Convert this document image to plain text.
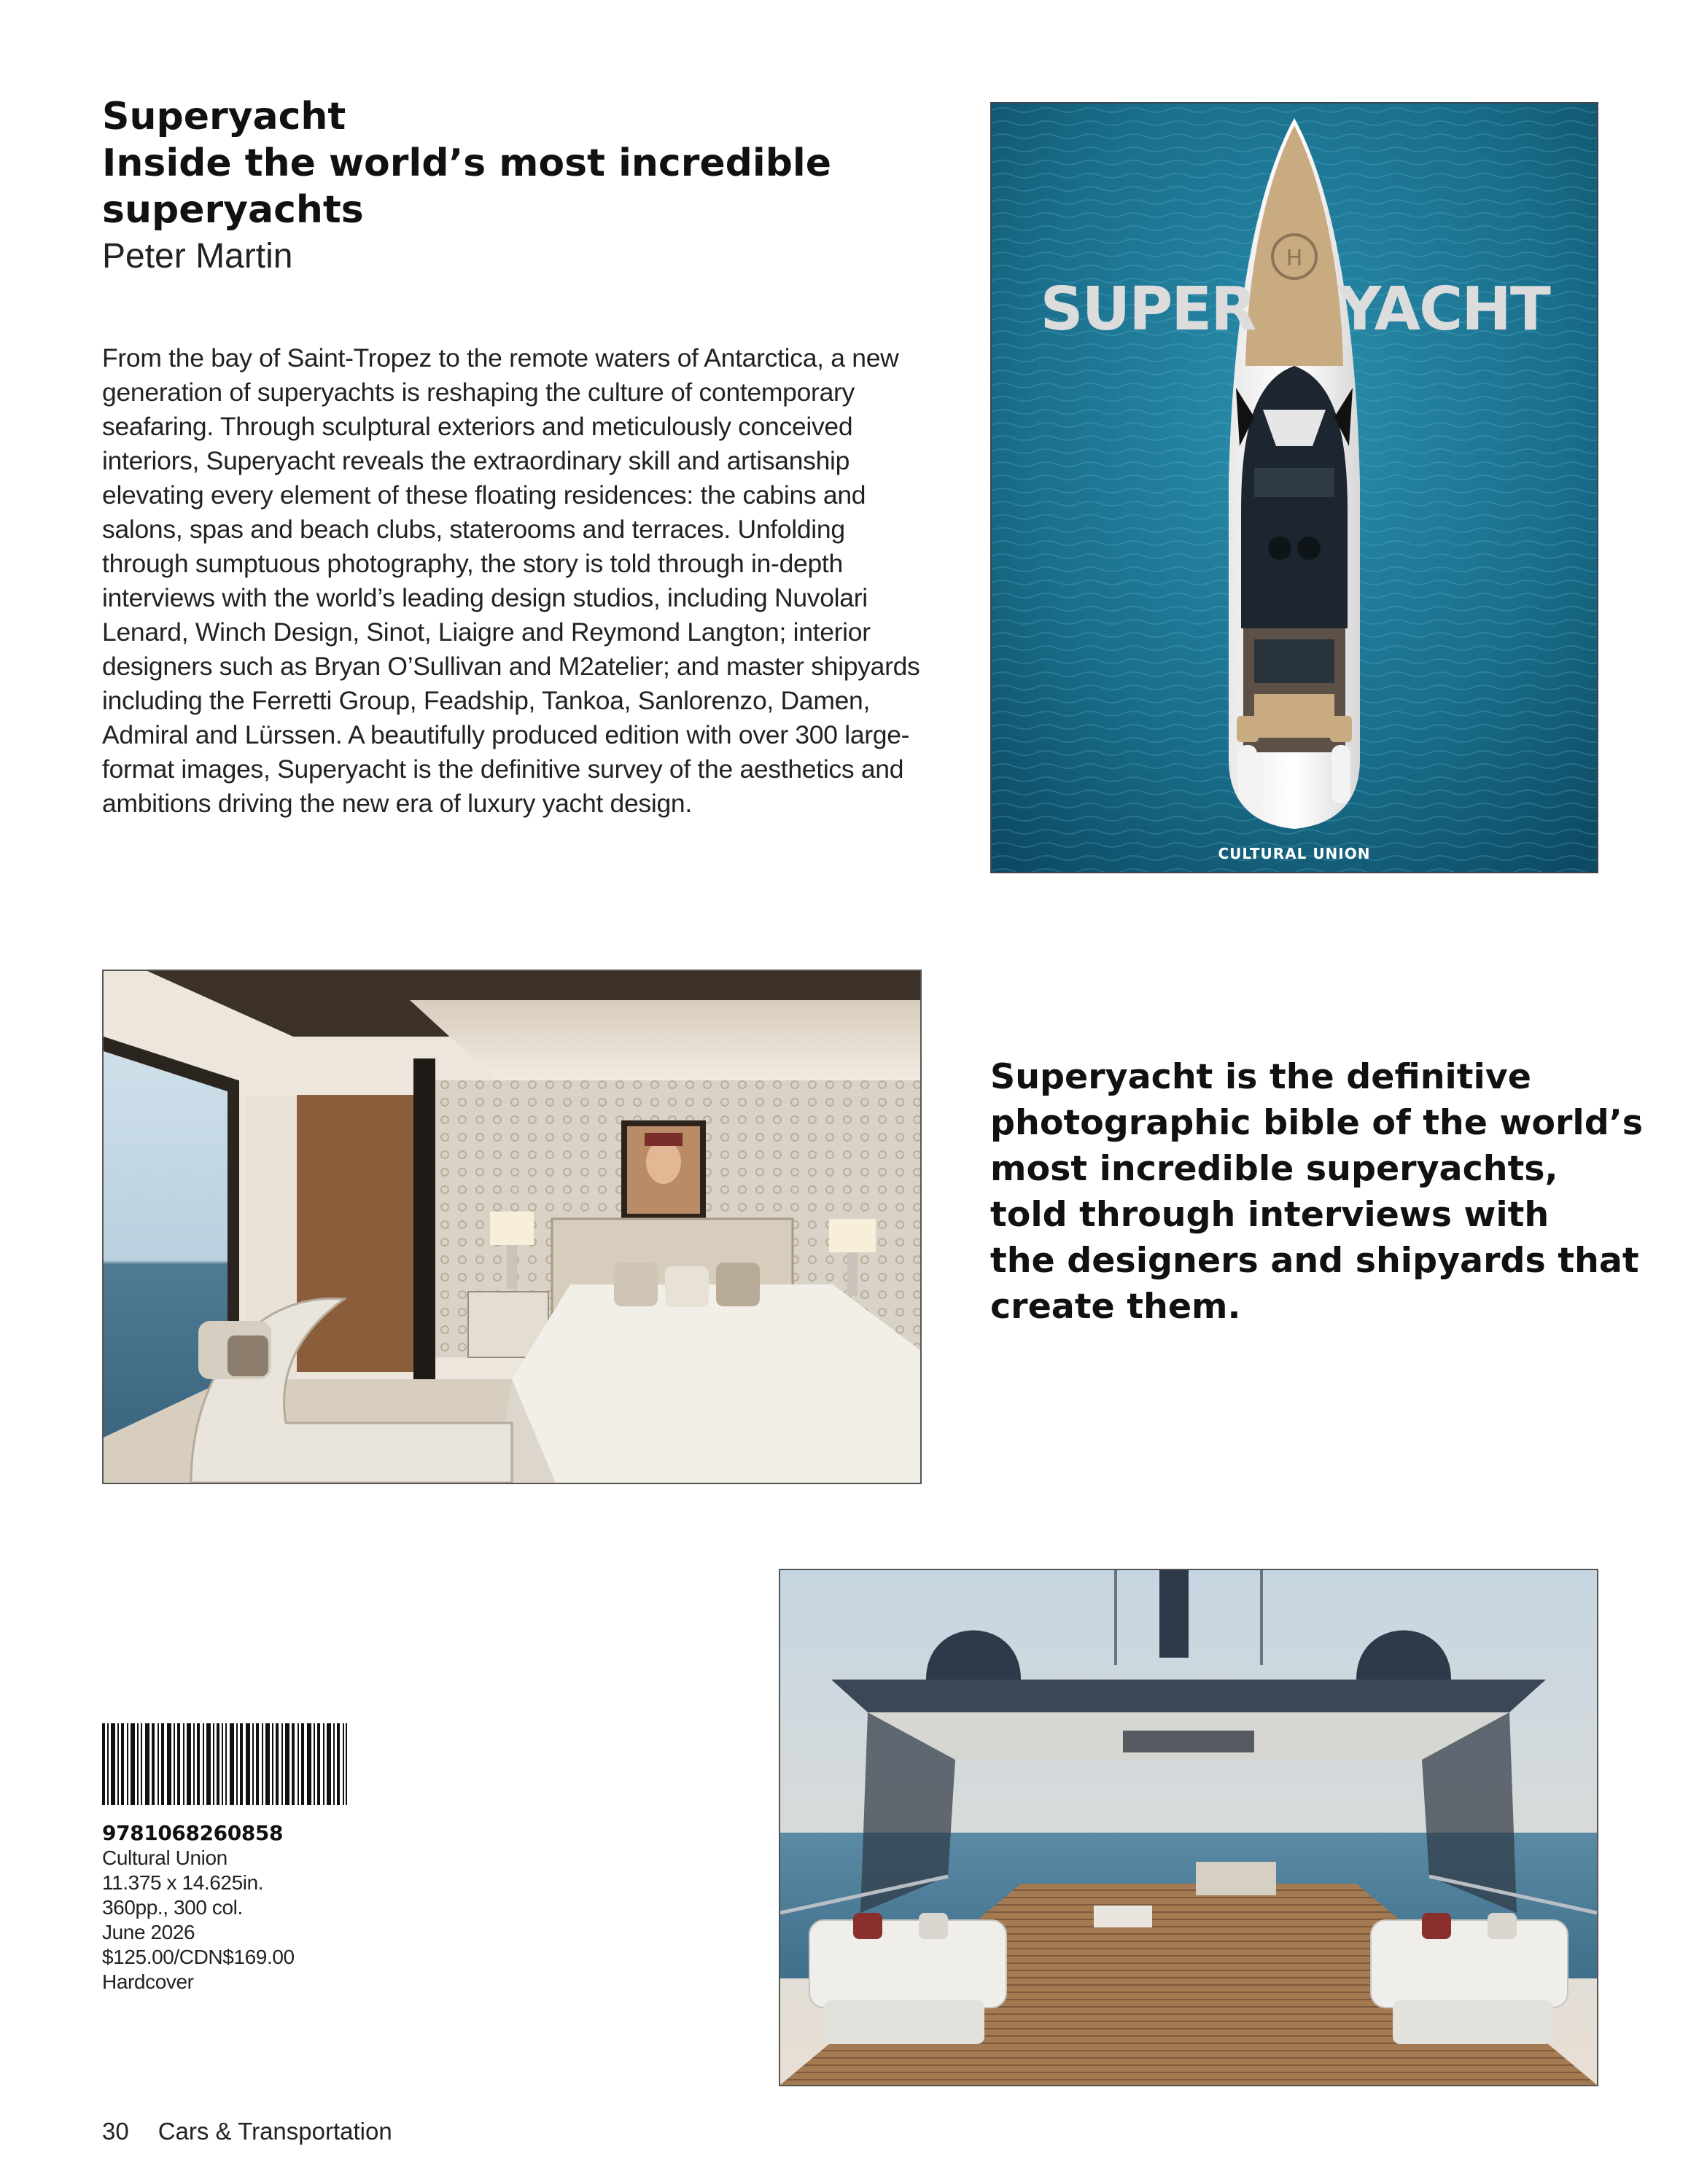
Superyacht
Inside the world’s most incredible
superyachts
Peter Martin

From the bay of Saint-Tropez to the remote waters of Antarctica, a new generation of superyachts is reshaping the culture of contemporary seafaring. Through sculptural exteriors and meticulously conceived interiors, Superyacht reveals the extraordinary skill and artisanship elevating every element of these floating residences: the cabins and salons, spas and beach clubs, staterooms and terraces. Unfolding through sumptuous photography, the story is told through in-depth interviews with the world’s leading design studios, including Nuvolari Lenard, Winch Design, Sinot, Liaigre and Reymond Langton; interior designers such as Bryan O’Sullivan and M2atelier; and master shipyards including the Ferretti Group, Feadship, Tankoa, Sanlorenzo, Damen, Admiral and Lürssen. A beautifully produced edition with over 300 large-format images, Superyacht is the definitive survey of the aesthetics and ambitions driving the new era of luxury yacht design.

H
SUPER YACHT
CULTURAL UNION

Superyacht is the definitive
photographic bible of the world’s
most incredible superyachts,
told through interviews with
the designers and shipyards that
create them.

9781068260858
Cultural Union
11.375 x 14.625in.
360pp., 300 col.
June 2026
$125.00/CDN$169.00
Hardcover
30 Cars & Transportation
